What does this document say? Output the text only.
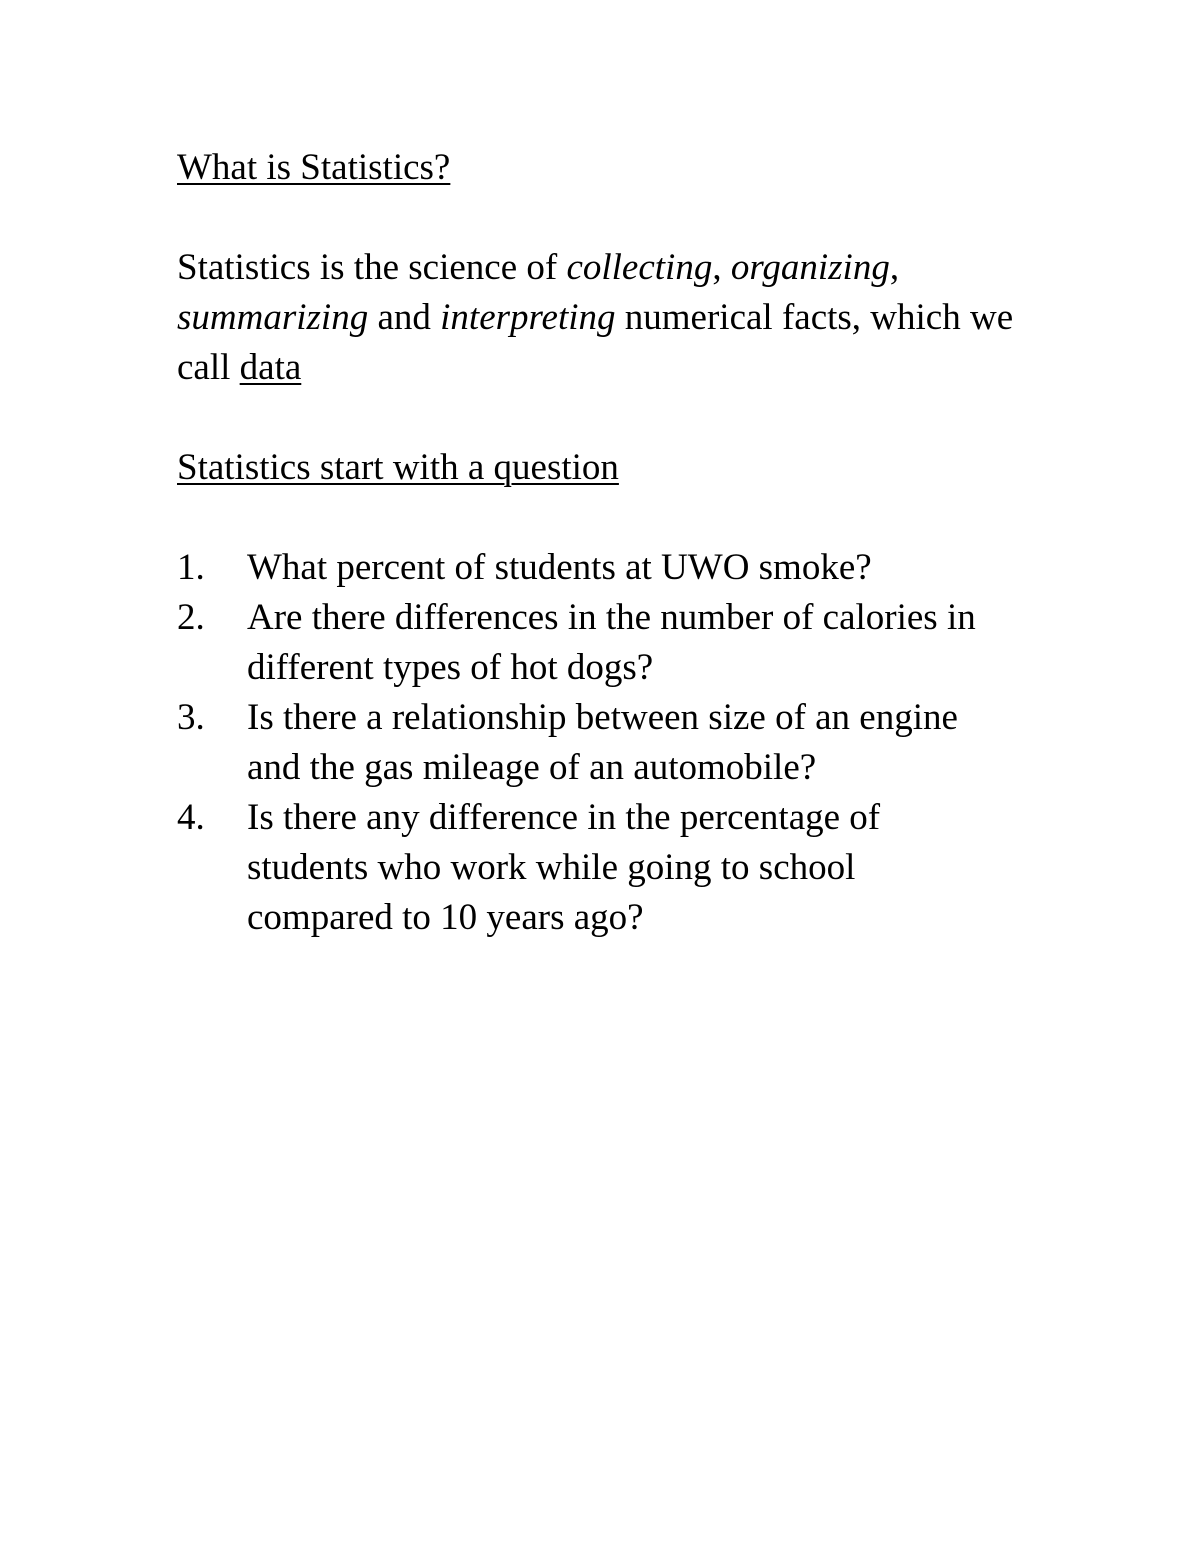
What is Statistics?

Statistics is the science of collecting, organizing, summarizing and interpreting numerical facts, which we call data

Statistics start with a question

1. What percent of students at UWO smoke?
2. Are there differences in the number of calories in different types of hot dogs?
3. Is there a relationship between size of an engine and the gas mileage of an automobile?
4. Is there any difference in the percentage of students who work while going to school compared to 10 years ago?
